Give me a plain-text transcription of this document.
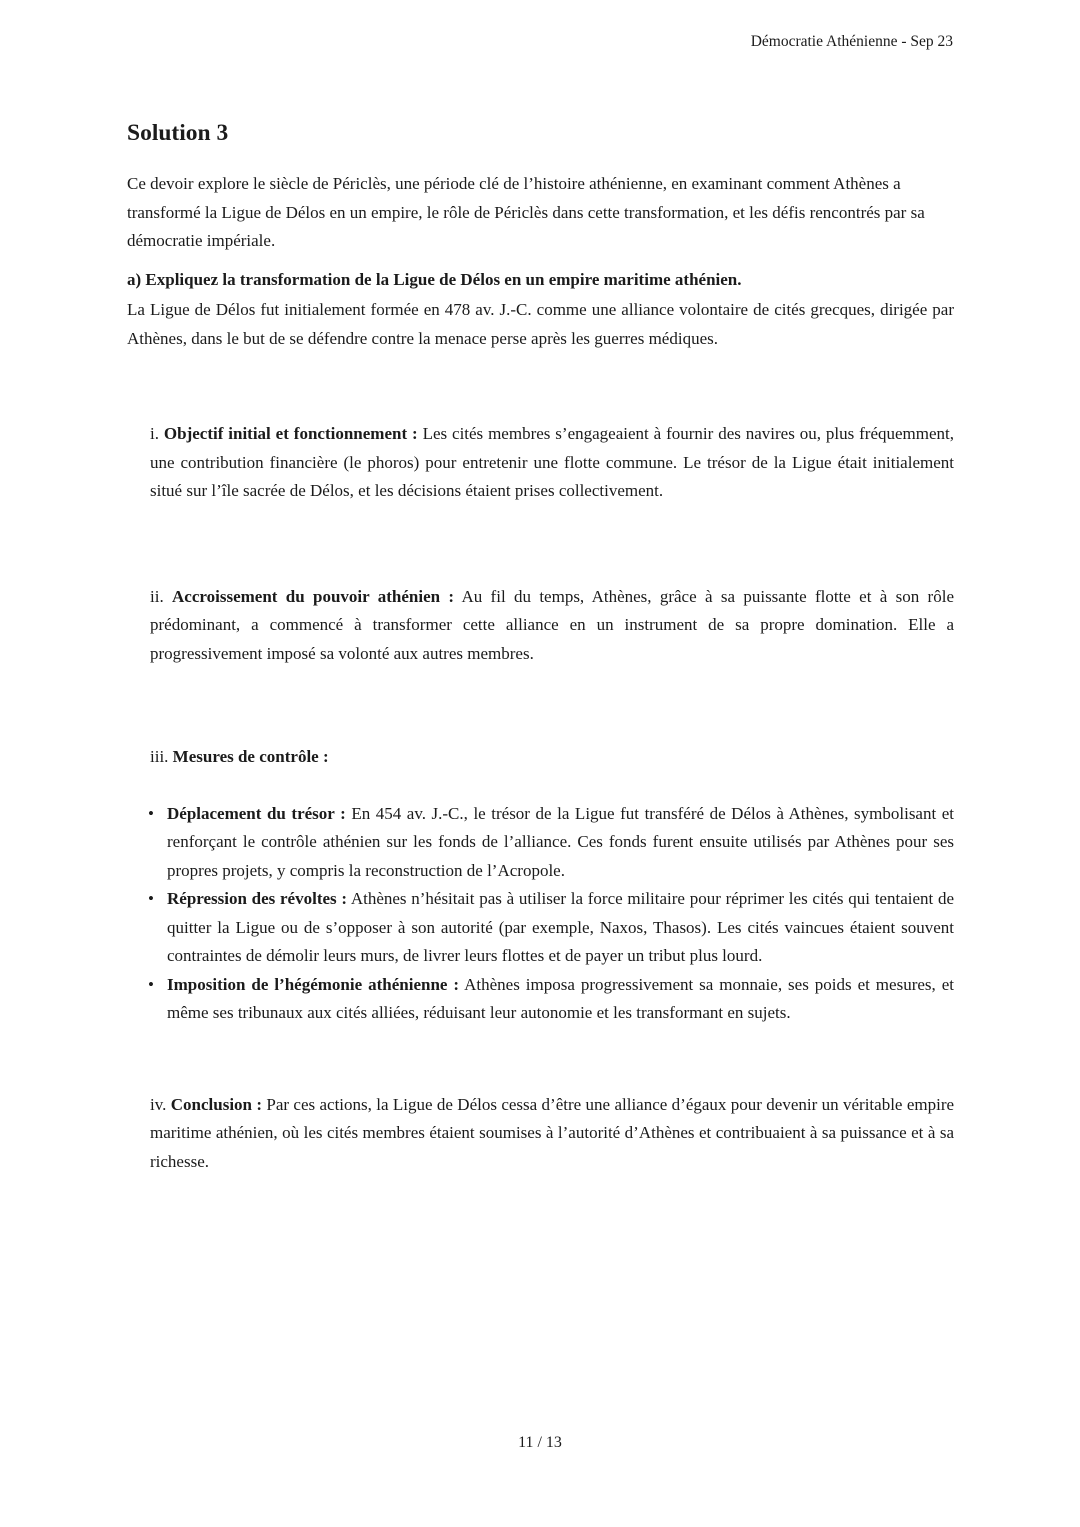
Démocratie Athénienne - Sep 23
Solution 3

Ce devoir explore le siècle de Périclès, une période clé de l’histoire athénienne, en examinant comment Athènes a transformé la Ligue de Délos en un empire, le rôle de Périclès dans cette transformation, et les défis rencontrés par sa démocratie impériale.

a) Expliquez la transformation de la Ligue de Délos en un empire maritime athénien.

La Ligue de Délos fut initialement formée en 478 av. J.-C. comme une alliance volontaire de cités grecques, dirigée par Athènes, dans le but de se défendre contre la menace perse après les guerres médiques.

i. Objectif initial et fonctionnement : Les cités membres s’engageaient à fournir des navires ou, plus fréquemment, une contribution financière (le phoros) pour entretenir une flotte commune. Le trésor de la Ligue était initialement situé sur l’île sacrée de Délos, et les décisions étaient prises collectivement.

ii. Accroissement du pouvoir athénien : Au fil du temps, Athènes, grâce à sa puissante flotte et à son rôle prédominant, a commencé à transformer cette alliance en un instrument de sa propre domination. Elle a progressivement imposé sa volonté aux autres membres.

iii. Mesures de contrôle :

• Déplacement du trésor : En 454 av. J.-C., le trésor de la Ligue fut transféré de Délos à Athènes, symbolisant et renforçant le contrôle athénien sur les fonds de l’alliance. Ces fonds furent ensuite utilisés par Athènes pour ses propres projets, y compris la reconstruction de l’Acropole.
• Répression des révoltes : Athènes n’hésitait pas à utiliser la force militaire pour réprimer les cités qui tentaient de quitter la Ligue ou de s’opposer à son autorité (par exemple, Naxos, Thasos). Les cités vaincues étaient souvent contraintes de démolir leurs murs, de livrer leurs flottes et de payer un tribut plus lourd.
• Imposition de l’hégémonie athénienne : Athènes imposa progressivement sa monnaie, ses poids et mesures, et même ses tribunaux aux cités alliées, réduisant leur autonomie et les transformant en sujets.

iv. Conclusion : Par ces actions, la Ligue de Délos cessa d’être une alliance d’égaux pour devenir un véritable empire maritime athénien, où les cités membres étaient soumises à l’autorité d’Athènes et contribuaient à sa puissance et à sa richesse.

11 / 13
